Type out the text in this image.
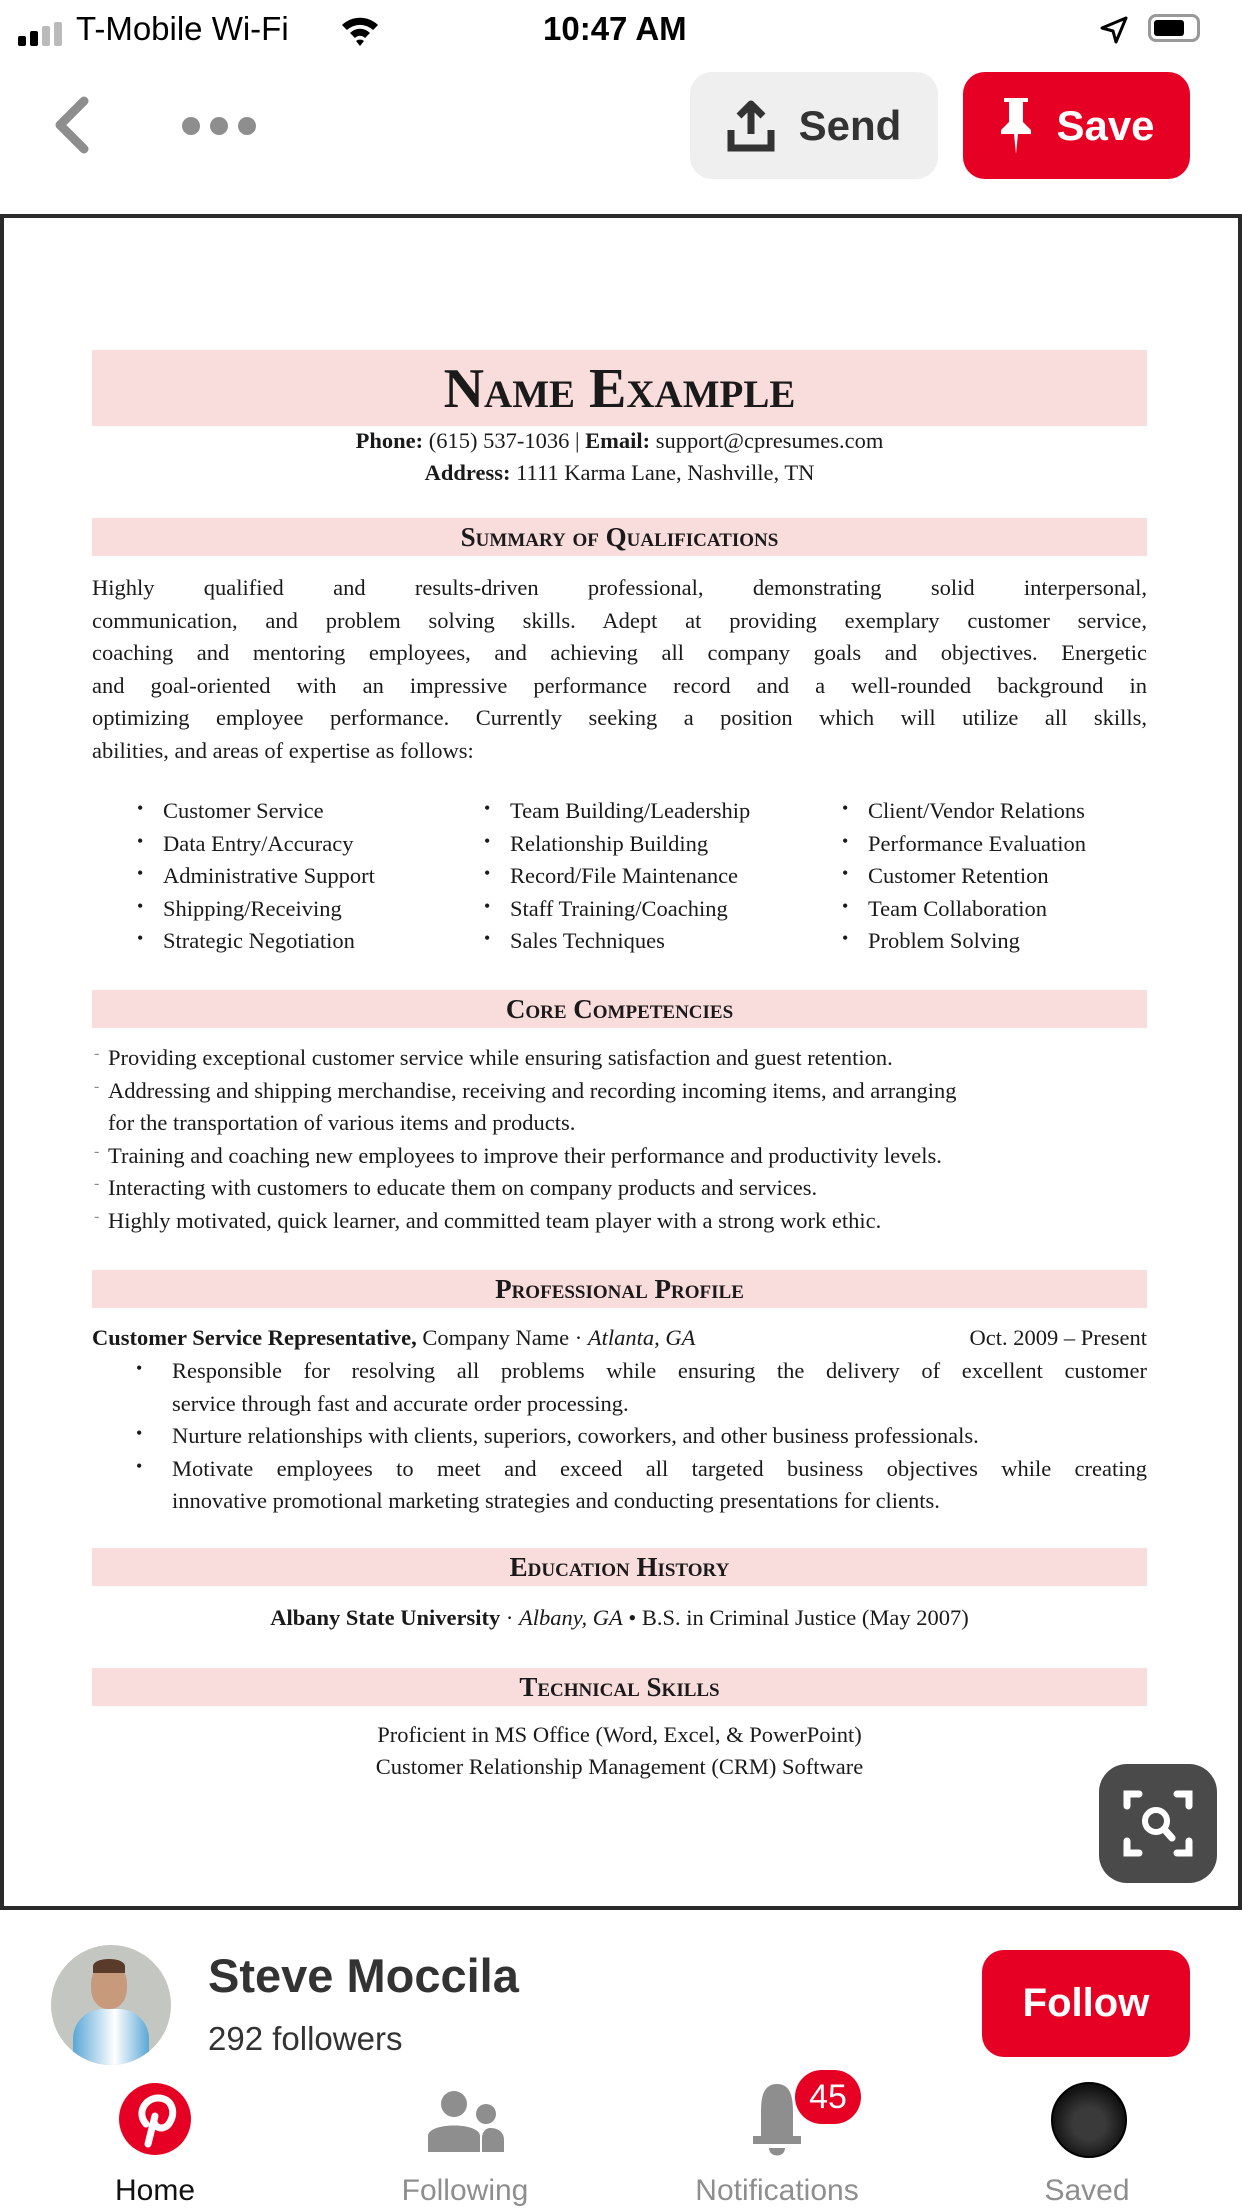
T-Mobile Wi-Fi	10:47 AM
Send	Save
Name Example
Phone: (615) 537-1036 | Email: support@cpresumes.com
Address: 1111 Karma Lane, Nashville, TN
Summary of Qualifications
Highly qualified and results-driven professional, demonstrating solid interpersonal,
communication, and problem solving skills. Adept at providing exemplary customer service,
coaching and mentoring employees, and achieving all company goals and objectives. Energetic
and goal-oriented with an impressive performance record and a well-rounded background in
optimizing employee performance. Currently seeking a position which will utilize all skills,
abilities, and areas of expertise as follows:
• Customer Service
• Data Entry/Accuracy
• Administrative Support
• Shipping/Receiving
• Strategic Negotiation
• Team Building/Leadership
• Relationship Building
• Record/File Maintenance
• Staff Training/Coaching
• Sales Techniques
• Client/Vendor Relations
• Performance Evaluation
• Customer Retention
• Team Collaboration
• Problem Solving
Core Competencies
- Providing exceptional customer service while ensuring satisfaction and guest retention.
- Addressing and shipping merchandise, receiving and recording incoming items, and arranging
for the transportation of various items and products.
- Training and coaching new employees to improve their performance and productivity levels.
- Interacting with customers to educate them on company products and services.
- Highly motivated, quick learner, and committed team player with a strong work ethic.
Professional Profile
Customer Service Representative, Company Name · Atlanta, GA	Oct. 2009 – Present
• Responsible for resolving all problems while ensuring the delivery of excellent customer
service through fast and accurate order processing.
• Nurture relationships with clients, superiors, coworkers, and other business professionals.
• Motivate employees to meet and exceed all targeted business objectives while creating
innovative promotional marketing strategies and conducting presentations for clients.
Education History
Albany State University · Albany, GA • B.S. in Criminal Justice (May 2007)
Technical Skills
Proficient in MS Office (Word, Excel, & PowerPoint)
Customer Relationship Management (CRM) Software
Steve Moccila
292 followers
Follow
Home	Following
45
Notifications	Saved
